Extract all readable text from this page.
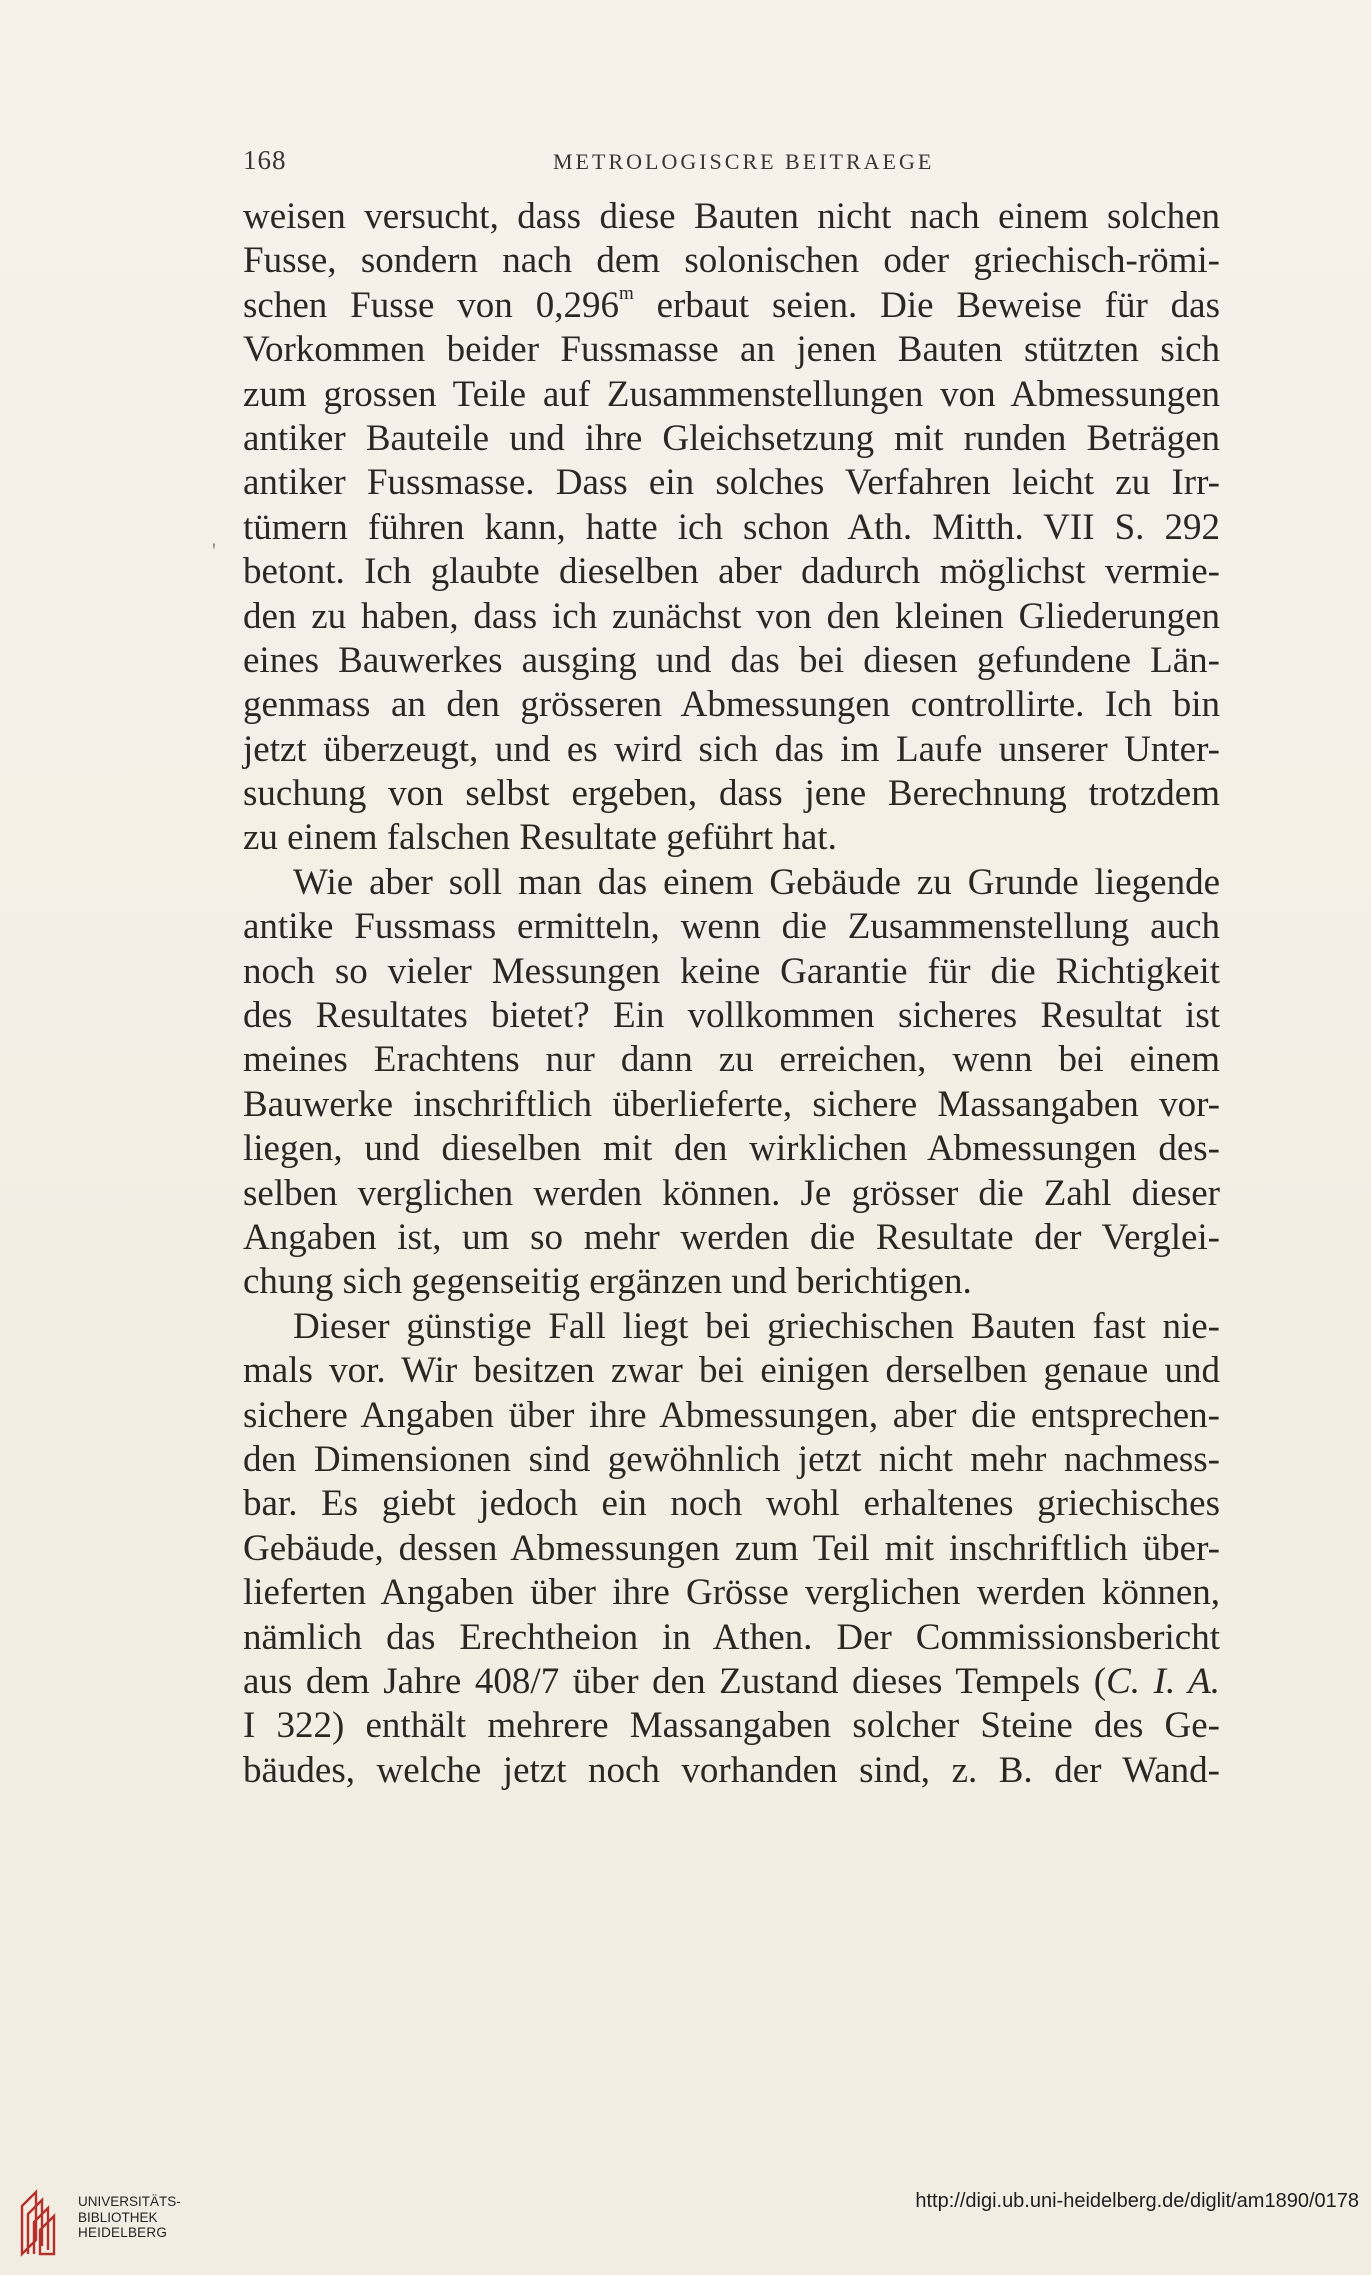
168	METROLOGISCRE BEITRAEGE
'
weisen versucht, dass diese Bauten nicht nach einem solchen
Fusse, sondern nach dem solonischen oder griechisch-römi-
schen Fusse von 0,296$^m$ erbaut seien. Die Beweise für das
Vorkommen beider Fussmasse an jenen Bauten stützten sich
zum grossen Teile auf Zusammenstellungen von Abmessungen
antiker Bauteile und ihre Gleichsetzung mit runden Beträgen
antiker Fussmasse. Dass ein solches Verfahren leicht zu Irr-
tümern führen kann, hatte ich schon Ath. Mitth. VII S. 292
betont. Ich glaubte dieselben aber dadurch möglichst vermie-
den zu haben, dass ich zunächst von den kleinen Gliederungen
eines Bauwerkes ausging und das bei diesen gefundene Län-
genmass an den grösseren Abmessungen controllirte. Ich bin
jetzt überzeugt, und es wird sich das im Laufe unserer Unter-
suchung von selbst ergeben, dass jene Berechnung trotzdem
zu einem falschen Resultate geführt hat.
Wie aber soll man das einem Gebäude zu Grunde liegende
antike Fussmass ermitteln, wenn die Zusammenstellung auch
noch so vieler Messungen keine Garantie für die Richtigkeit
des Resultates bietet? Ein vollkommen sicheres Resultat ist
meines Erachtens nur dann zu erreichen, wenn bei einem
Bauwerke inschriftlich überlieferte, sichere Massangaben vor-
liegen, und dieselben mit den wirklichen Abmessungen des-
selben verglichen werden können. Je grösser die Zahl dieser
Angaben ist, um so mehr werden die Resultate der Verglei-
chung sich gegenseitig ergänzen und berichtigen.
Dieser günstige Fall liegt bei griechischen Bauten fast nie-
mals vor. Wir besitzen zwar bei einigen derselben genaue und
sichere Angaben über ihre Abmessungen, aber die entsprechen-
den Dimensionen sind gewöhnlich jetzt nicht mehr nachmess-
bar. Es giebt jedoch ein noch wohl erhaltenes griechisches
Gebäude, dessen Abmessungen zum Teil mit inschriftlich über-
lieferten Angaben über ihre Grösse verglichen werden können,
nämlich das Erechtheion in Athen. Der Commissionsbericht
aus dem Jahre 408/7 über den Zustand dieses Tempels (C. I. A.
I 322) enthält mehrere Massangaben solcher Steine des Ge-
bäudes, welche jetzt noch vorhanden sind, z. B. der Wand-
UNIVERSITÄTS-
BIBLIOTHEK
HEIDELBERG
http://digi.ub.uni-heidelberg.de/diglit/am1890/0178
